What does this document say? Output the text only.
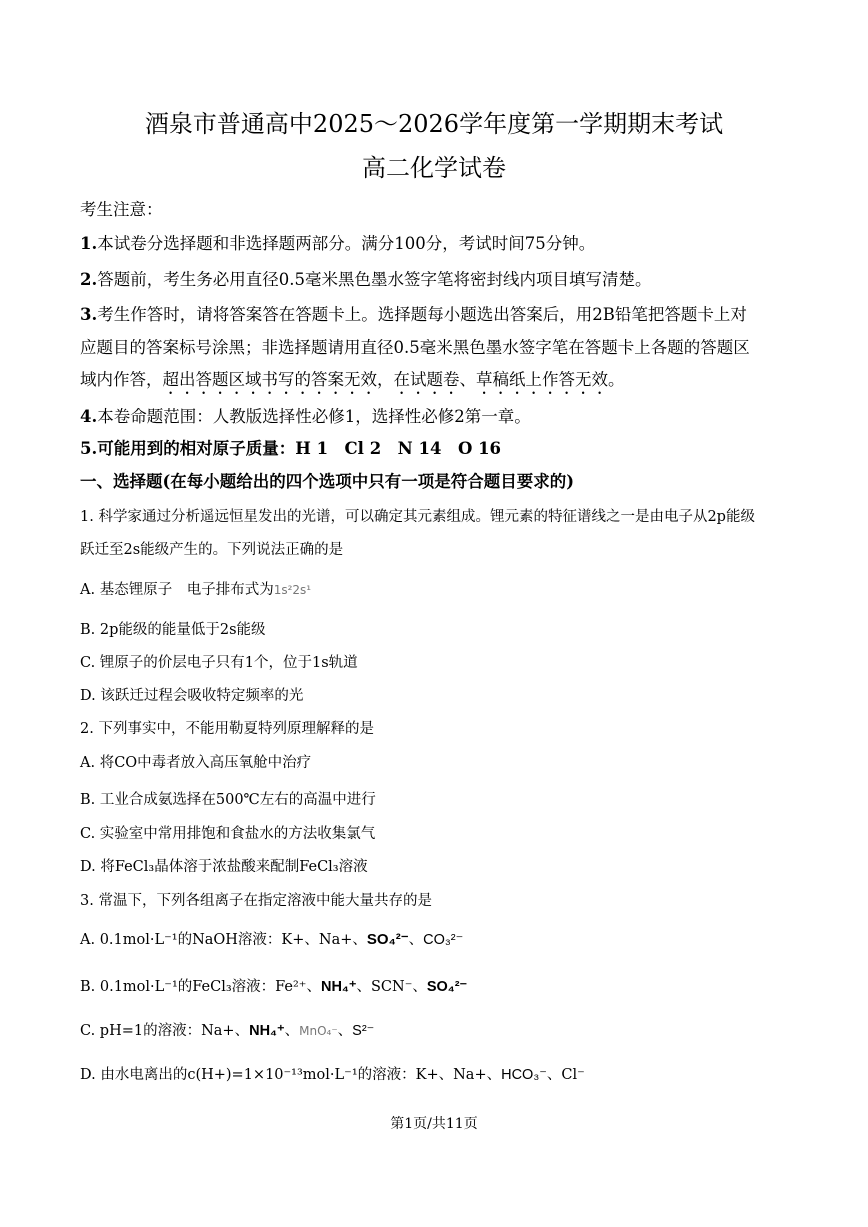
酒泉市普通高中2025～2026学年度第一学期期末考试
高二化学试卷
考生注意：
1.本试卷分选择题和非选择题两部分。满分100分，考试时间75分钟。
2.答题前，考生务必用直径0.5毫米黑色墨水签字笔将密封线内项目填写清楚。
3.考生作答时，请将答案答在答题卡上。选择题每小题选出答案后，用2B铅笔把答题卡上对
应题目的答案标号涂黑；非选择题请用直径0.5毫米黑色墨水签字笔在答题卡上各题的答题区
域内作答，超出答题区域书写的答案无效，在试题卷、草稿纸上作答无效。
4.本卷命题范围：人教版选择性必修1，选择性必修2第一章。
5.可能用到的相对原子质量：H 1　Cl 2　N 14　O 16
一、选择题(在每小题给出的四个选项中只有一项是符合题目要求的)
1. 科学家通过分析遥远恒星发出的光谱，可以确定其元素组成。锂元素的特征谱线之一是由电子从2p能级
跃迁至2s能级产生的。下列说法正确的是
A. 基态锂原子　电子排布式为1s²2s¹
B. 2p能级的能量低于2s能级
C. 锂原子的价层电子只有1个，位于1s轨道
D. 该跃迁过程会吸收特定频率的光
2. 下列事实中，不能用勒夏特列原理解释的是
A. 将CO中毒者放入高压氧舱中治疗
B. 工业合成氨选择在500℃左右的高温中进行
C. 实验室中常用排饱和食盐水的方法收集氯气
D. 将FeCl₃晶体溶于浓盐酸来配制FeCl₃溶液
3. 常温下，下列各组离子在指定溶液中能大量共存的是
A. 0.1mol·L⁻¹的NaOH溶液：K+、Na+、SO₄²⁻、CO₃²⁻
B. 0.1mol·L⁻¹的FeCl₃溶液：Fe²⁺、NH₄⁺、SCN⁻、SO₄²⁻
C. pH=1的溶液：Na+、NH₄⁺、MnO₄⁻、S²⁻
D. 由水电离出的c(H+)=1×10⁻¹³mol·L⁻¹的溶液：K+、Na+、HCO₃⁻、Cl⁻
第1页/共11页
